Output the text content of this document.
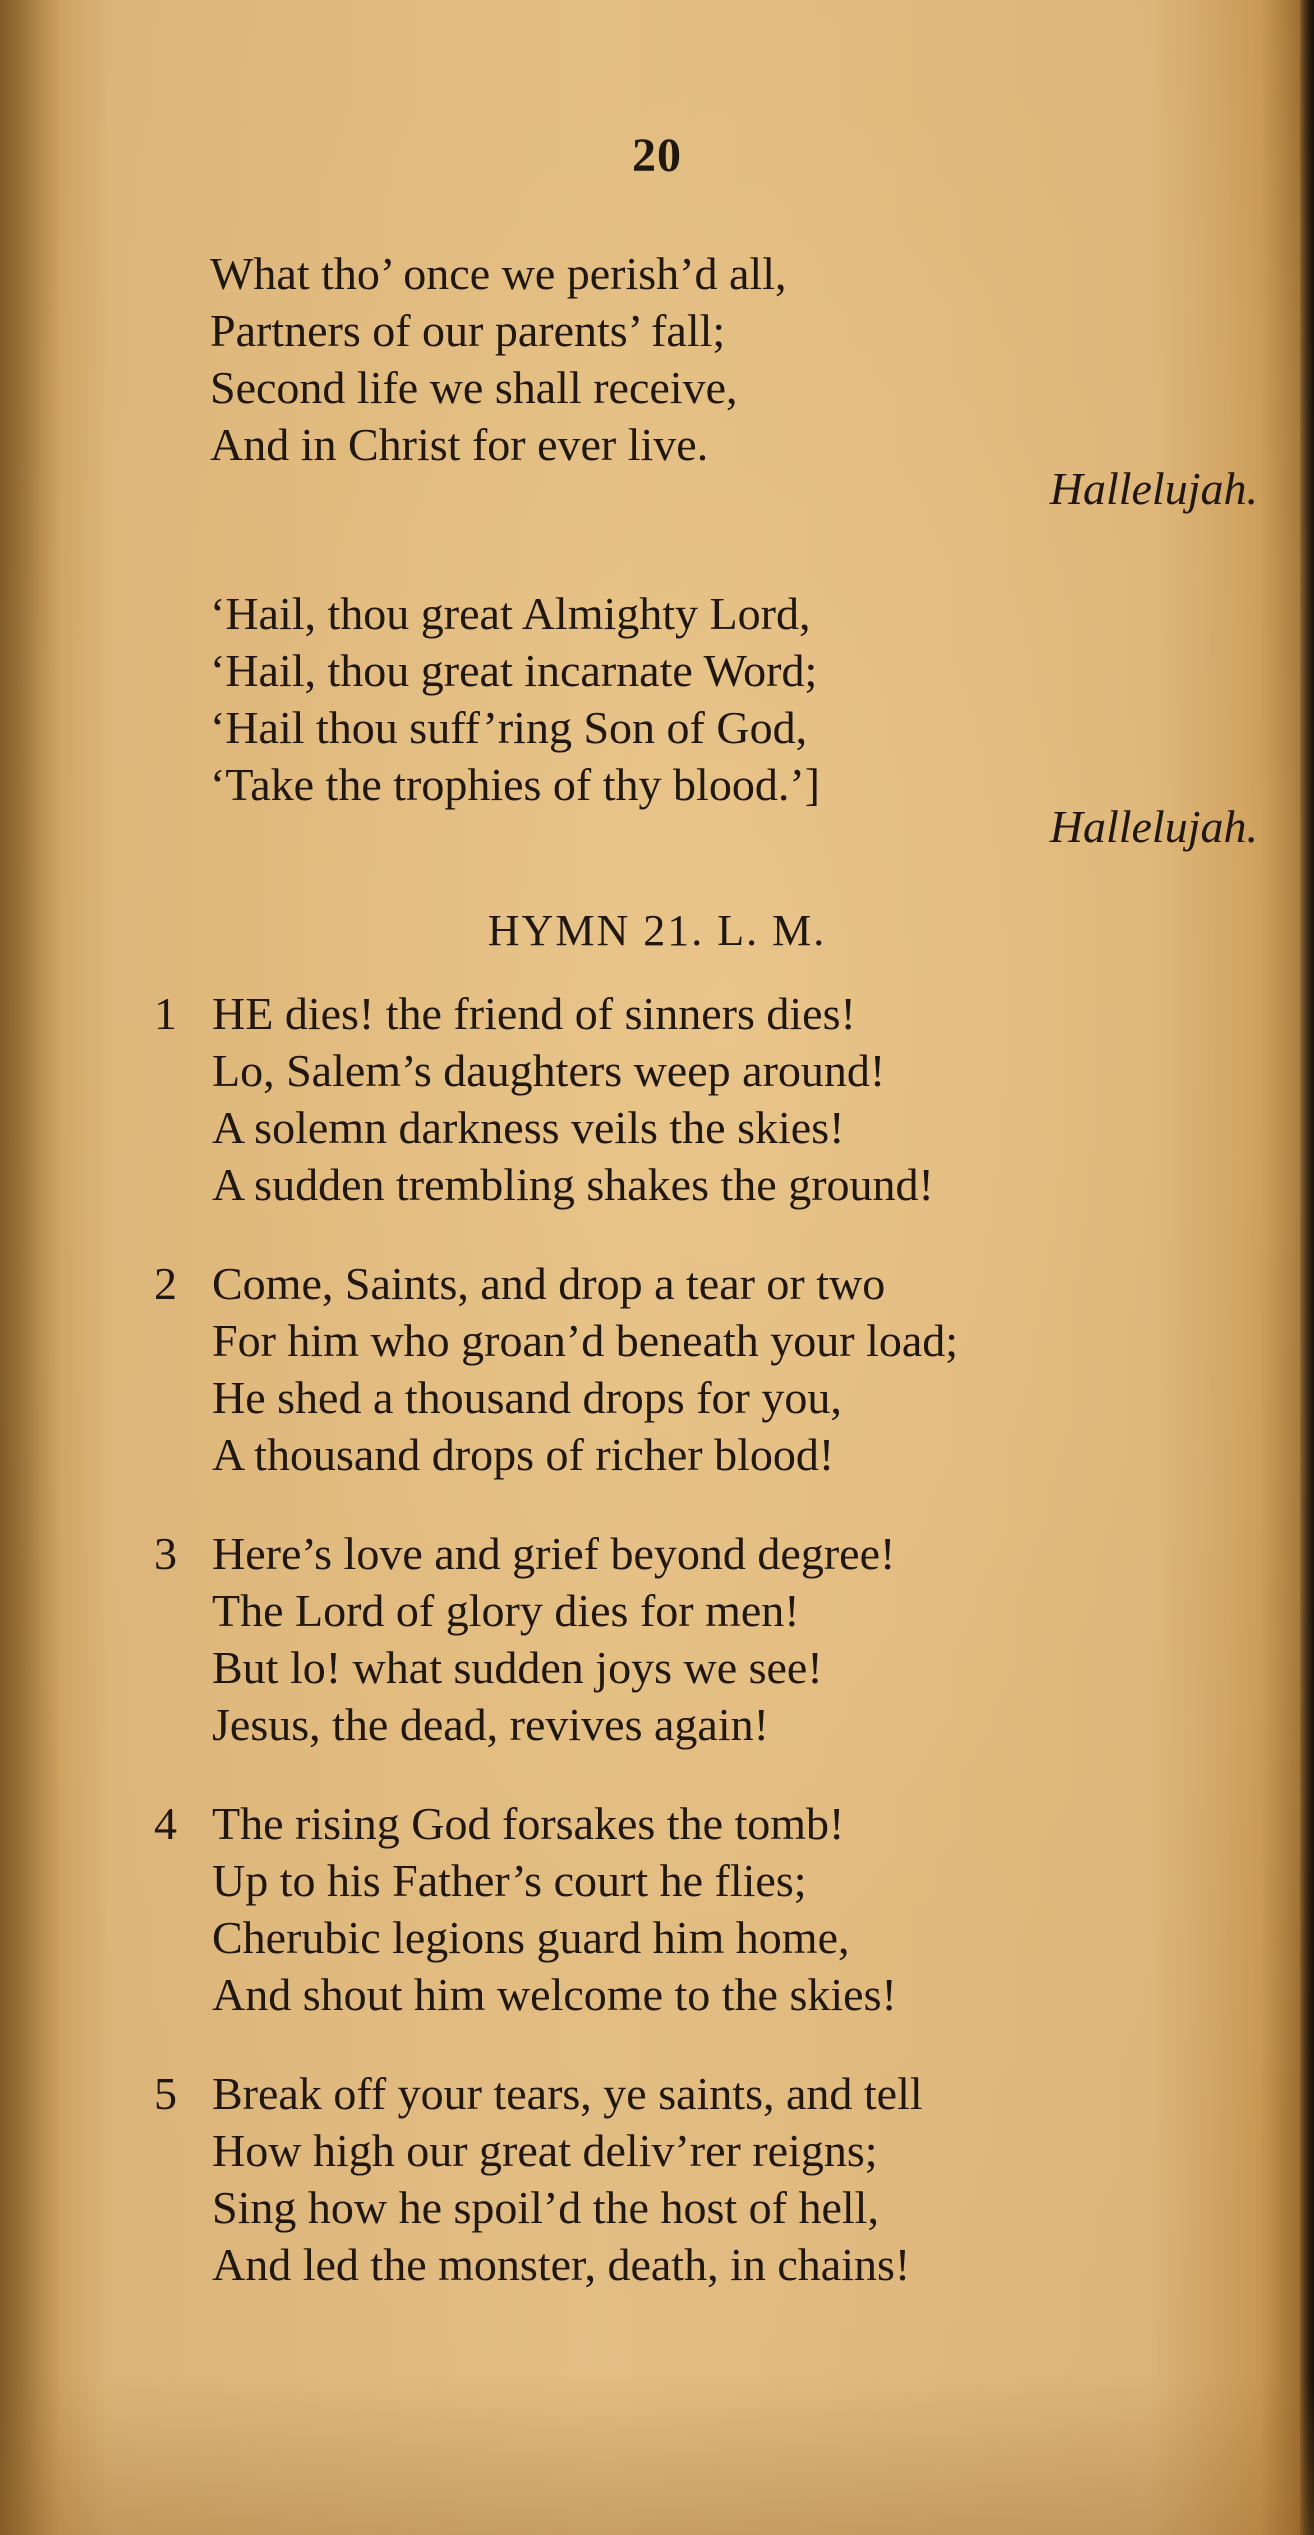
20
What tho’ once we perish’d all,
Partners of our parents’ fall;
Second life we shall receive,
And in Christ for ever live.
Hallelujah.
‘Hail, thou great Almighty Lord,
‘Hail, thou great incarnate Word;
‘Hail thou suff’ring Son of God,
‘Take the trophies of thy blood.’]
Hallelujah.
HYMN 21. L. M.
1 HE dies! the friend of sinners dies!
Lo, Salem’s daughters weep around!
A solemn darkness veils the skies!
A sudden trembling shakes the ground!
2 Come, Saints, and drop a tear or two
For him who groan’d beneath your load;
He shed a thousand drops for you,
A thousand drops of richer blood!
3 Here’s love and grief beyond degree!
The Lord of glory dies for men!
But lo! what sudden joys we see!
Jesus, the dead, revives again!
4 The rising God forsakes the tomb!
Up to his Father’s court he flies;
Cherubic legions guard him home,
And shout him welcome to the skies!
5 Break off your tears, ye saints, and tell
How high our great deliv’rer reigns;
Sing how he spoil’d the host of hell,
And led the monster, death, in chains!
